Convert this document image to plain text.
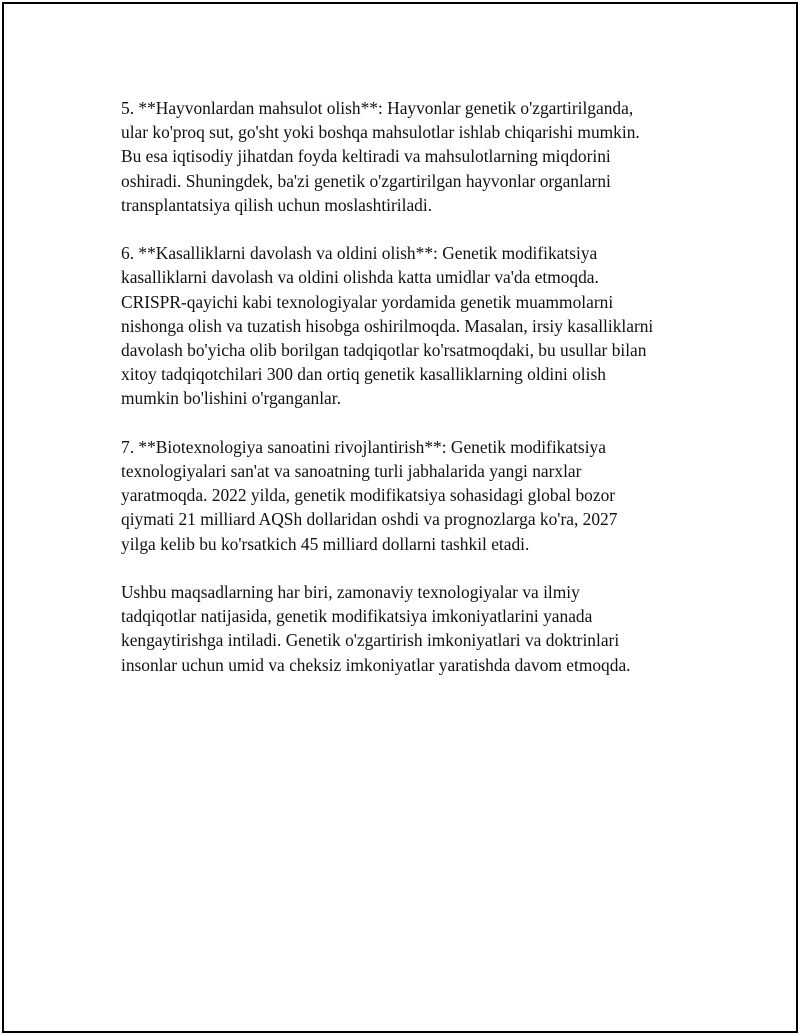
5. **Hayvonlardan mahsulot olish**: Hayvonlar genetik o'zgartirilganda,
ular ko'proq sut, go'sht yoki boshqa mahsulotlar ishlab chiqarishi mumkin.
Bu esa iqtisodiy jihatdan foyda keltiradi va mahsulotlarning miqdorini
oshiradi. Shuningdek, ba'zi genetik o'zgartirilgan hayvonlar organlarni
transplantatsiya qilish uchun moslashtiriladi.

6. **Kasalliklarni davolash va oldini olish**: Genetik modifikatsiya
kasalliklarni davolash va oldini olishda katta umidlar va'da etmoqda.
CRISPR-qayichi kabi texnologiyalar yordamida genetik muammolarni
nishonga olish va tuzatish hisobga oshirilmoqda. Masalan, irsiy kasalliklarni
davolash bo'yicha olib borilgan tadqiqotlar ko'rsatmoqdaki, bu usullar bilan
xitoy tadqiqotchilari 300 dan ortiq genetik kasalliklarning oldini olish
mumkin bo'lishini o'rganganlar.

7. **Biotexnologiya sanoatini rivojlantirish**: Genetik modifikatsiya
texnologiyalari san'at va sanoatning turli jabhalarida yangi narxlar
yaratmoqda. 2022 yilda, genetik modifikatsiya sohasidagi global bozor
qiymati 21 milliard AQSh dollaridan oshdi va prognozlarga ko'ra, 2027
yilga kelib bu ko'rsatkich 45 milliard dollarni tashkil etadi.

Ushbu maqsadlarning har biri, zamonaviy texnologiyalar va ilmiy
tadqiqotlar natijasida, genetik modifikatsiya imkoniyatlarini yanada
kengaytirishga intiladi. Genetik o'zgartirish imkoniyatlari va doktrinlari
insonlar uchun umid va cheksiz imkoniyatlar yaratishda davom etmoqda.
